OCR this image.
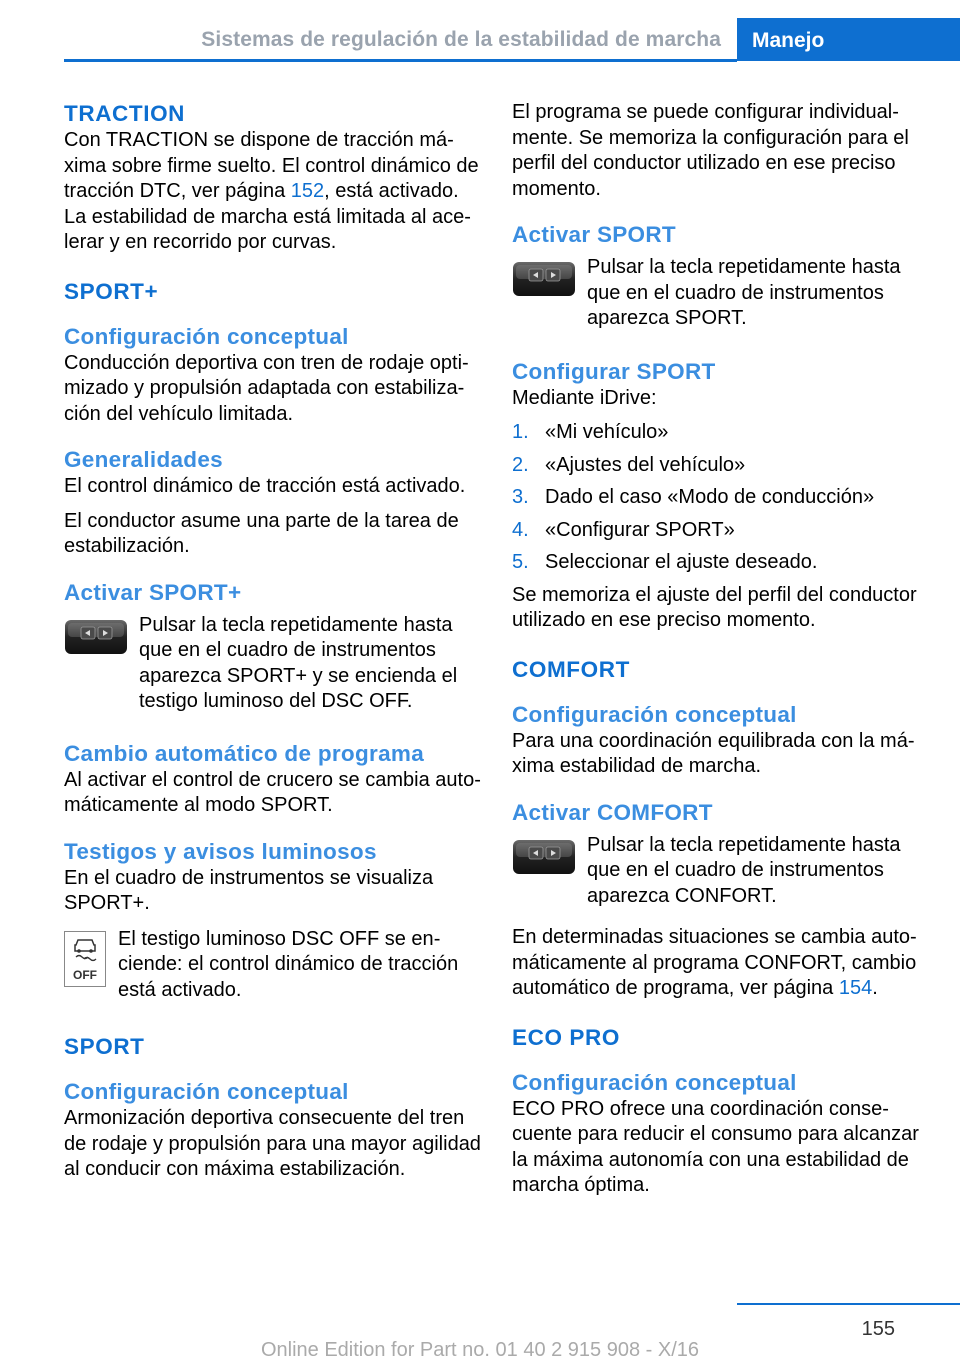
Sistemas de regulación de la estabilidad de marcha	Manejo
TRACTION

Con TRACTION se dispone de tracción máxima sobre firme suelto. El control dinámico de tracción DTC, ver página 152, está activado.

La estabilidad de marcha está limitada al acelerar y en recorrido por curvas.

SPORT+
Configuración conceptual

Conducción deportiva con tren de rodaje optimizado y propulsión adaptada con estabilización del vehículo limitada.

Generalidades

El control dinámico de tracción está activado.

El conductor asume una parte de la tarea de estabilización.

Activar SPORT+

Pulsar la tecla repetidamente hasta que en el cuadro de instrumentos aparezca SPORT+ y se encienda el testigo luminoso del DSC OFF.

Cambio automático de programa

Al activar el control de crucero se cambia automáticamente al modo SPORT.

Testigos y avisos luminosos

En el cuadro de instrumentos se visualiza SPORT+.

OFF

El testigo luminoso DSC OFF se enciende: el control dinámico de tracción está activado.

SPORT
Configuración conceptual

Armonización deportiva consecuente del tren de rodaje y propulsión para una mayor agilidad al conducir con máxima estabilización.

El programa se puede configurar individualmente. Se memoriza la configuración para el perfil del conductor utilizado en ese preciso momento.

Activar SPORT

Pulsar la tecla repetidamente hasta que en el cuadro de instrumentos aparezca SPORT.

Configurar SPORT

Mediante iDrive:

1. «Mi vehículo»
2. «Ajustes del vehículo»
3. Dado el caso «Modo de conducción»
4. «Configurar SPORT»
5. Seleccionar el ajuste deseado.

Se memoriza el ajuste del perfil del conductor utilizado en ese preciso momento.

COMFORT
Configuración conceptual

Para una coordinación equilibrada con la máxima estabilidad de marcha.

Activar COMFORT

Pulsar la tecla repetidamente hasta que en el cuadro de instrumentos aparezca CONFORT.

En determinadas situaciones se cambia automáticamente al programa CONFORT, cambio automático de programa, ver página 154.

ECO PRO
Configuración conceptual

ECO PRO ofrece una coordinación consecuente para reducir el consumo para alcanzar la máxima autonomía con una estabilidad de marcha óptima.

155
Online Edition for Part no. 01 40 2 915 908 - X/16
